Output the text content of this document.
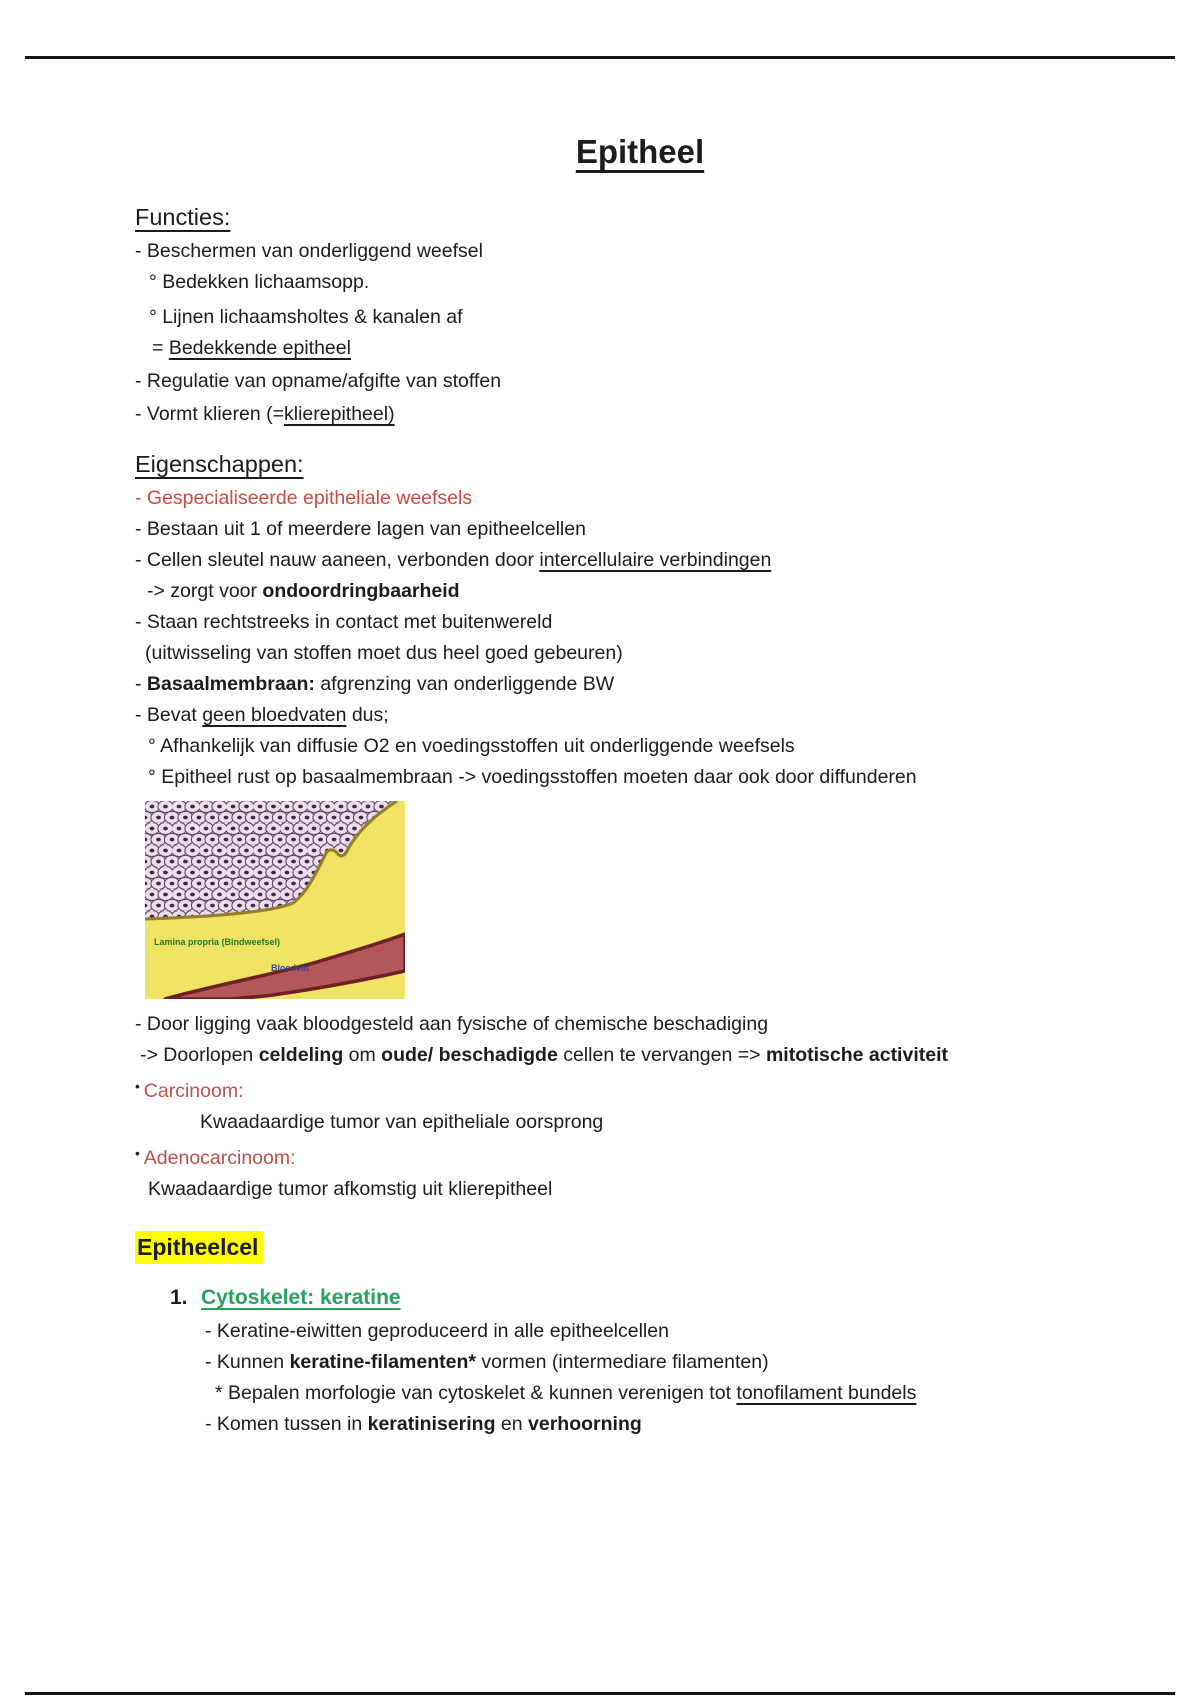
Epitheel
Functies:
- Beschermen van onderliggend weefsel
° Bedekken lichaamsopp.
° Lijnen lichaamsholtes & kanalen af
= Bedekkende epitheel
- Regulatie van opname/afgifte van stoffen
- Vormt klieren (=klierepitheel)
Eigenschappen:
- Gespecialiseerde epitheliale weefsels
- Bestaan uit 1 of meerdere lagen van epitheelcellen
- Cellen sleutel nauw aaneen, verbonden door intercellulaire verbindingen
-> zorgt voor ondoordringbaarheid
- Staan rechtstreeks in contact met buitenwereld
(uitwisseling van stoffen moet dus heel goed gebeuren)
- Basaalmembraan: afgrenzing van onderliggende BW
- Bevat geen bloedvaten dus;
° Afhankelijk van diffusie O2 en voedingsstoffen uit onderliggende weefsels
° Epitheel rust op basaalmembraan -> voedingsstoffen moeten daar ook door diffunderen
Lamina propria (Bindweefsel)
Bloedvat
- Door ligging vaak bloodgesteld aan fysische of chemische beschadiging
-> Doorlopen celdeling om oude/ beschadigde cellen te vervangen => mitotische activiteit
• Carcinoom:
Kwaadaardige tumor van epitheliale oorsprong
• Adenocarcinoom:
Kwaadaardige tumor afkomstig uit klierepitheel
Epitheelcel
1. Cytoskelet: keratine
- Keratine-eiwitten geproduceerd in alle epitheelcellen
- Kunnen keratine-filamenten* vormen (intermediare filamenten)
* Bepalen morfologie van cytoskelet & kunnen verenigen tot tonofilament bundels
- Komen tussen in keratinisering en verhoorning
